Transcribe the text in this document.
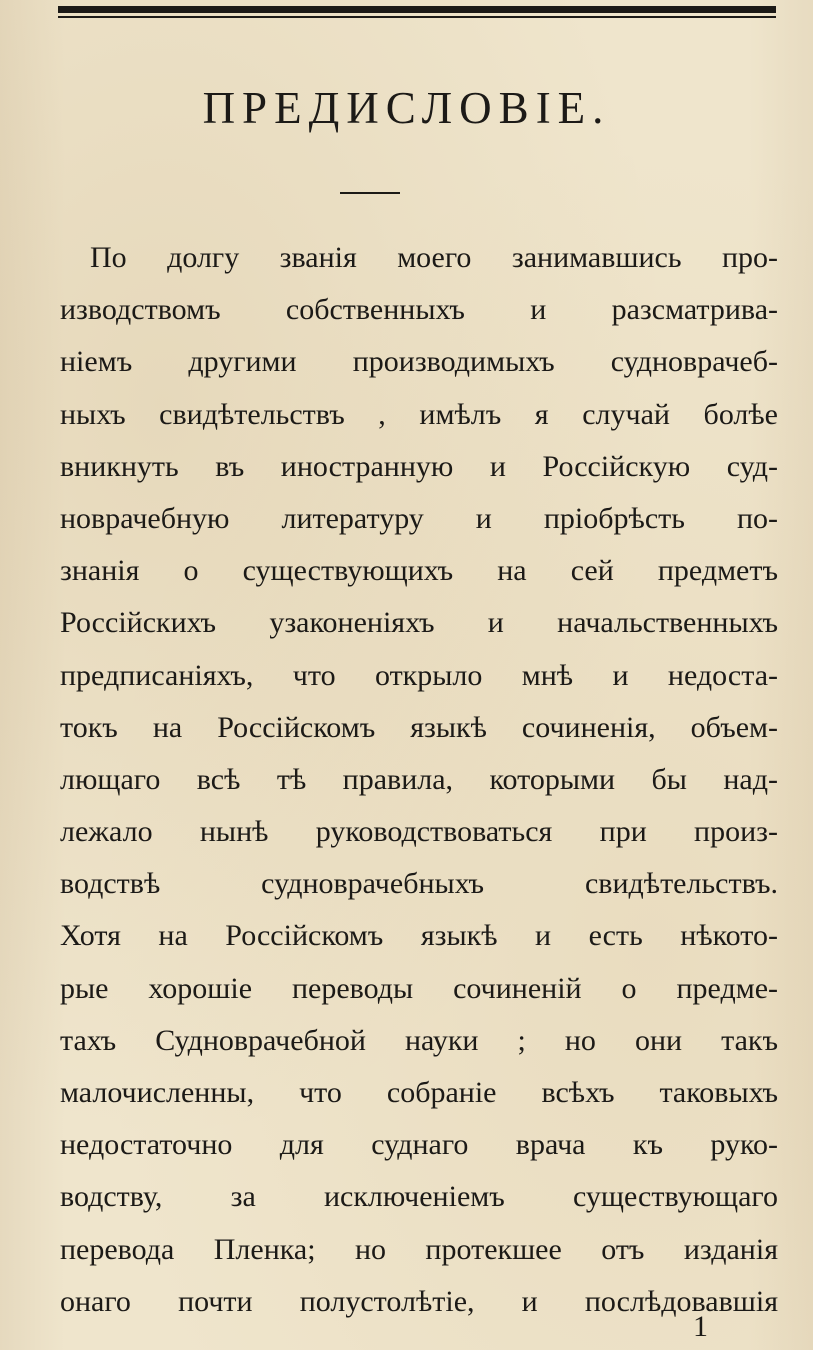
ПРЕДИСЛОВІЕ.
По долгу званія моего занимавшись про-
изводствомъ собственныхъ и разсматрива-
ніемъ другими производимыхъ судноврачеб-
ныхъ свидѣтельствъ , имѣлъ я случай болѣе
вникнуть въ иностранную и Россійскую суд-
новрачебную литературу и пріобрѣсть по-
знанія о существующихъ на сей предметъ
Россійскихъ узаконеніяхъ и начальственныхъ
предписаніяхъ, что открыло мнѣ и недоста-
токъ на Россійскомъ языкѣ сочиненія, объем-
лющаго всѣ тѣ правила, которыми бы над-
лежало нынѣ руководствоваться при произ-
водствѣ судноврачебныхъ свидѣтельствъ.
Хотя на Россійскомъ языкѣ и есть нѣкото-
рые хорошіе переводы сочиненій о предме-
тахъ Судноврачебной науки ; но они такъ
малочисленны, что собраніе всѣхъ таковыхъ
недостаточно для суднаго врача къ руко-
водству, за исключеніемъ существующаго
перевода Пленка; но протекшее отъ изданія
онаго почти полустолѣтіе, и послѣдовавшія
1
